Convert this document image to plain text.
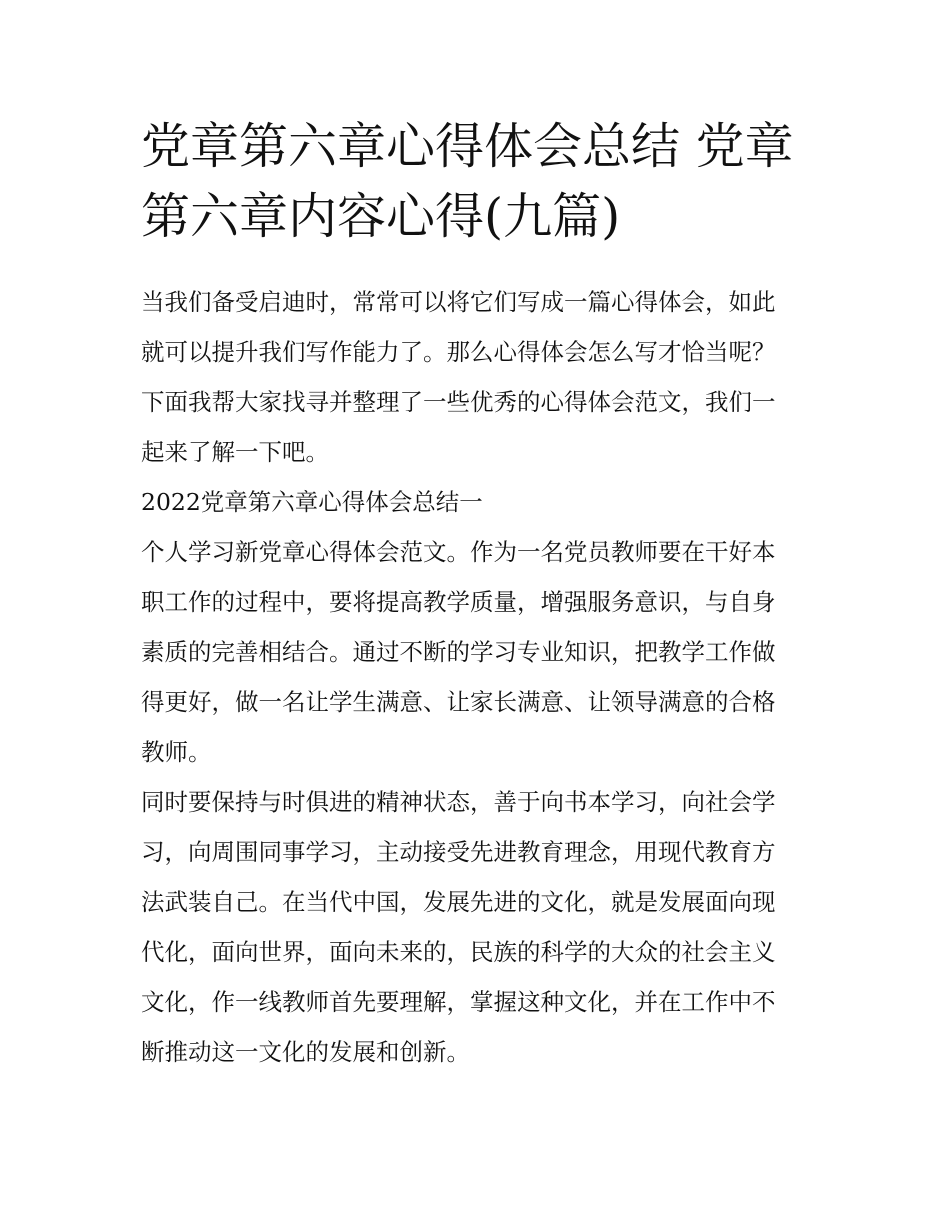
党章第六章心得体会总结 党章
第六章内容心得(九篇)

当我们备受启迪时，常常可以将它们写成一篇心得体会，如此
就可以提升我们写作能力了。那么心得体会怎么写才恰当呢？
下面我帮大家找寻并整理了一些优秀的心得体会范文，我们一
起来了解一下吧。

2022党章第六章心得体会总结一

个人学习新党章心得体会范文。作为一名党员教师要在干好本
职工作的过程中，要将提高教学质量，增强服务意识，与自身
素质的完善相结合。通过不断的学习专业知识，把教学工作做
得更好，做一名让学生满意、让家长满意、让领导满意的合格
教师。

同时要保持与时俱进的精神状态，善于向书本学习，向社会学
习，向周围同事学习，主动接受先进教育理念，用现代教育方
法武装自己。在当代中国，发展先进的文化，就是发展面向现
代化，面向世界，面向未来的，民族的科学的大众的社会主义
文化，作一线教师首先要理解，掌握这种文化，并在工作中不
断推动这一文化的发展和创新。
